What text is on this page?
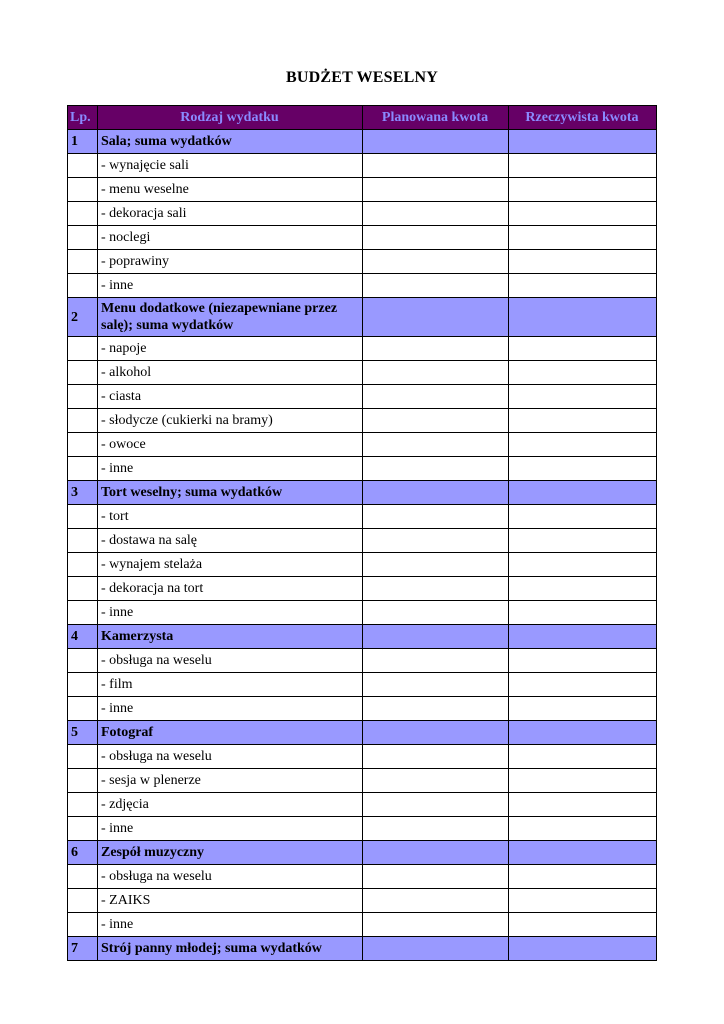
BUDŻET WESELNY
Lp.	Rodzaj wydatku	Planowana kwota	Rzeczywista kwota
1	Sala; suma wydatków		
	- wynajęcie sali		
	- menu weselne		
	- dekoracja sali		
	- noclegi		
	- poprawiny		
	- inne		
2	Menu dodatkowe (niezapewniane przez salę); suma wydatków		
	- napoje		
	- alkohol		
	- ciasta		
	- słodycze (cukierki na bramy)		
	- owoce		
	- inne		
3	Tort weselny; suma wydatków		
	- tort		
	- dostawa na salę		
	- wynajem stelaża		
	- dekoracja na tort		
	- inne		
4	Kamerzysta		
	- obsługa na weselu		
	- film		
	- inne		
5	Fotograf		
	- obsługa na weselu		
	- sesja w plenerze		
	- zdjęcia		
	- inne		
6	Zespół muzyczny		
	- obsługa na weselu		
	- ZAIKS		
	- inne		
7	Strój panny młodej; suma wydatków		
